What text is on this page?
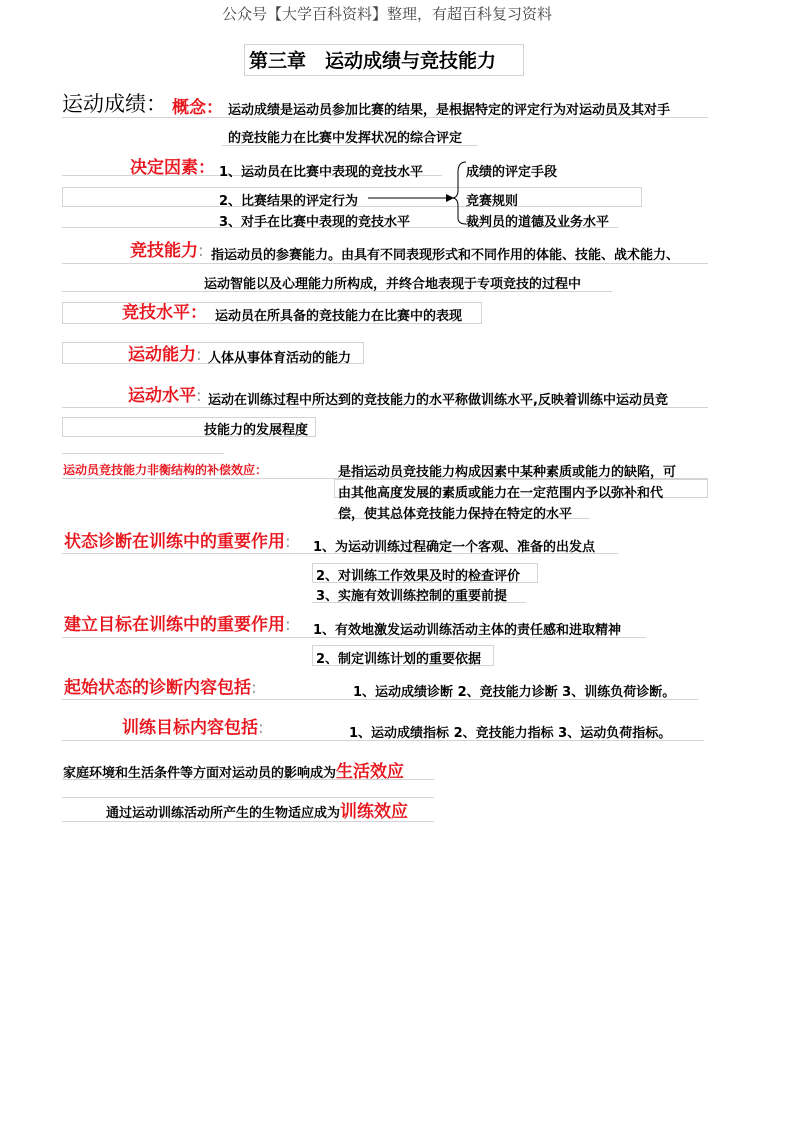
公众号【大学百科资料】整理，有超百科复习资料
第三章　运动成绩与竞技能力
运动成绩： 概念： 运动成绩是运动员参加比赛的结果，是根据特定的评定行为对运动员及其对手
的竞技能力在比赛中发挥状况的综合评定
决定因素： 1、运动员在比赛中表现的竞技水平
2、比赛结果的评定行为
3、对手在比赛中表现的竞技水平
成绩的评定手段
竞赛规则
裁判员的道德及业务水平
竞技能力: 指运动员的参赛能力。由具有不同表现形式和不同作用的体能、技能、战术能力、
运动智能以及心理能力所构成，并终合地表现于专项竞技的过程中
竞技水平： 运动员在所具备的竞技能力在比赛中的表现
运动能力: 人体从事体育活动的能力
运动水平: 运动在训练过程中所达到的竞技能力的水平称做训练水平,反映着训练中运动员竞
技能力的发展程度
运动员竞技能力非衡结构的补偿效应：	是指运动员竞技能力构成因素中某种素质或能力的缺陷，可
由其他高度发展的素质或能力在一定范围内予以弥补和代
偿，使其总体竞技能力保持在特定的水平
状态诊断在训练中的重要作用: 1、为运动训练过程确定一个客观、准备的出发点
2、对训练工作效果及时的检查评价
3、实施有效训练控制的重要前提
建立目标在训练中的重要作用: 1、有效地激发运动训练活动主体的责任感和进取精神
2、制定训练计划的重要依据
起始状态的诊断内容包括:	1、运动成绩诊断 2、竞技能力诊断 3、训练负荷诊断。
训练目标内容包括:	1、运动成绩指标 2、竞技能力指标 3、运动负荷指标。
家庭环境和生活条件等方面对运动员的影响成为生活效应
通过运动训练活动所产生的生物适应成为训练效应
